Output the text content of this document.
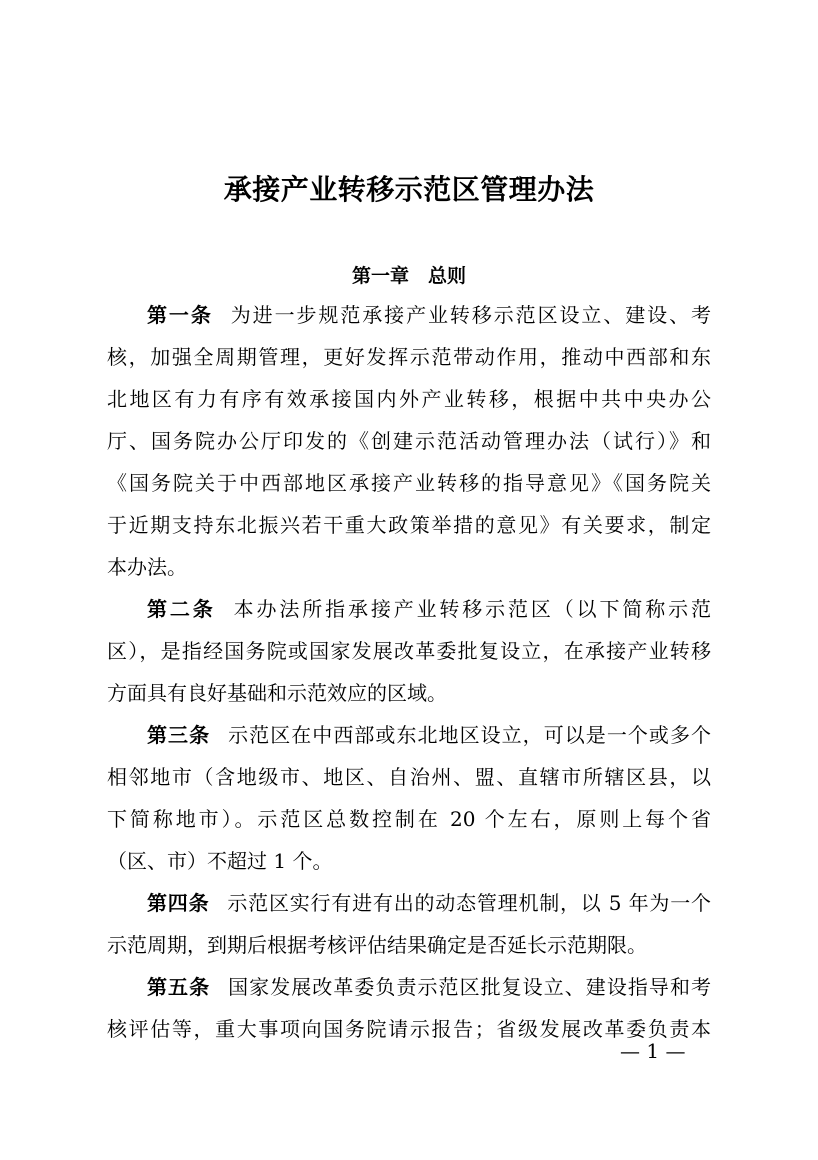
承接产业转移示范区管理办法
第一章　总则
第一条 为进一步规范承接产业转移示范区设立、建设、考
核，加强全周期管理，更好发挥示范带动作用，推动中西部和东
北地区有力有序有效承接国内外产业转移，根据中共中央办公
厅、国务院办公厅印发的《创建示范活动管理办法（试行）》和
《国务院关于中西部地区承接产业转移的指导意见》《国务院关
于近期支持东北振兴若干重大政策举措的意见》有关要求，制定
本办法。
第二条 本办法所指承接产业转移示范区（以下简称示范
区），是指经国务院或国家发展改革委批复设立，在承接产业转移
方面具有良好基础和示范效应的区域。
第三条 示范区在中西部或东北地区设立，可以是一个或多个
相邻地市（含地级市、地区、自治州、盟、直辖市所辖区县，以
下简称地市）。示范区总数控制在 20 个左右，原则上每个省
（区、市）不超过 1 个。
第四条 示范区实行有进有出的动态管理机制，以 5 年为一个
示范周期，到期后根据考核评估结果确定是否延长示范期限。
第五条 国家发展改革委负责示范区批复设立、建设指导和考
核评估等，重大事项向国务院请示报告；省级发展改革委负责本
— 1 —
